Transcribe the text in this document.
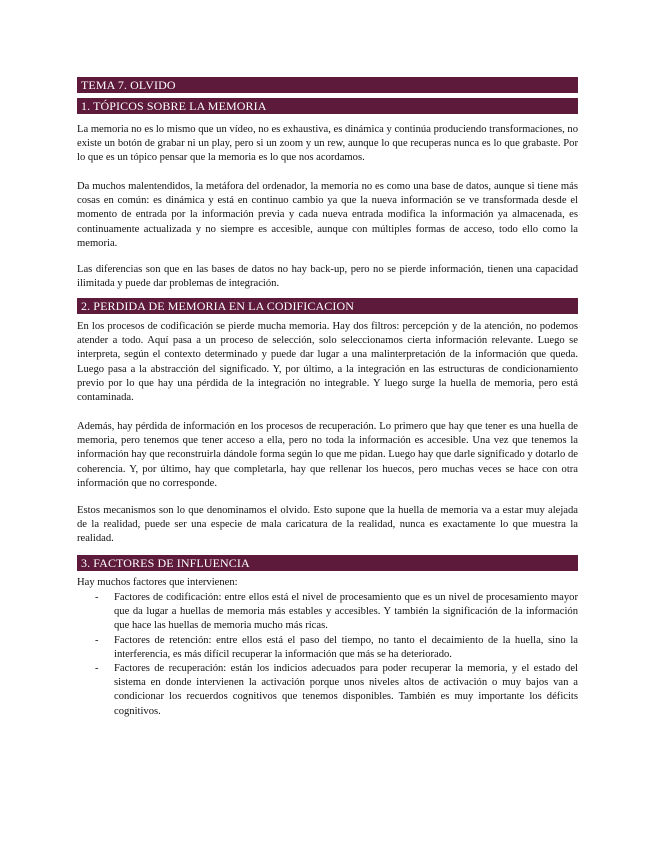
TEMA 7. OLVIDO
1. TÓPICOS SOBRE LA MEMORIA

La memoria no es lo mismo que un vídeo, no es exhaustiva, es dinámica y continúa produciendo transformaciones, no existe un botón de grabar ni un play, pero si un zoom y un rew, aunque lo que recuperas nunca es lo que grabaste. Por lo que es un tópico pensar que la memoria es lo que nos acordamos.

Da muchos malentendidos, la metáfora del ordenador, la memoria no es como una base de datos, aunque si tiene más cosas en común: es dinámica y está en continuo cambio ya que la nueva información se ve transformada desde el momento de entrada por la información previa y cada nueva entrada modifica la información ya almacenada, es continuamente actualizada y no siempre es accesible, aunque con múltiples formas de acceso, todo ello como la memoria.

Las diferencias son que en las bases de datos no hay back-up, pero no se pierde información, tienen una capacidad ilimitada y puede dar problemas de integración.

2. PERDIDA DE MEMORIA EN LA CODIFICACION

En los procesos de codificación se pierde mucha memoria. Hay dos filtros: percepción y de la atención, no podemos atender a todo. Aquí pasa a un proceso de selección, solo seleccionamos cierta información relevante. Luego se interpreta, según el contexto determinado y puede dar lugar a una malinterpretación de la información que queda. Luego pasa a la abstracción del significado. Y, por último, a la integración en las estructuras de condicionamiento previo por lo que hay una pérdida de la integración no integrable. Y luego surge la huella de memoria, pero está contaminada.

Además, hay pérdida de información en los procesos de recuperación. Lo primero que hay que tener es una huella de memoria, pero tenemos que tener acceso a ella, pero no toda la información es accesible. Una vez que tenemos la información hay que reconstruirla dándole forma según lo que me pidan. Luego hay que darle significado y dotarlo de coherencia. Y, por último, hay que completarla, hay que rellenar los huecos, pero muchas veces se hace con otra información que no corresponde.

Estos mecanismos son lo que denominamos el olvido. Esto supone que la huella de memoria va a estar muy alejada de la realidad, puede ser una especie de mala caricatura de la realidad, nunca es exactamente lo que muestra la realidad.

3. FACTORES DE INFLUENCIA

Hay muchos factores que intervienen:

- Factores de codificación: entre ellos está el nivel de procesamiento que es un nivel de procesamiento mayor que da lugar a huellas de memoria más estables y accesibles. Y también la significación de la información que hace las huellas de memoria mucho más ricas.
- Factores de retención: entre ellos está el paso del tiempo, no tanto el decaimiento de la huella, sino la interferencia, es más difícil recuperar la información que más se ha deteriorado.
- Factores de recuperación: están los indicios adecuados para poder recuperar la memoria, y el estado del sistema en donde intervienen la activación porque unos niveles altos de activación o muy bajos van a condicionar los recuerdos cognitivos que tenemos disponibles. También es muy importante los déficits cognitivos.
